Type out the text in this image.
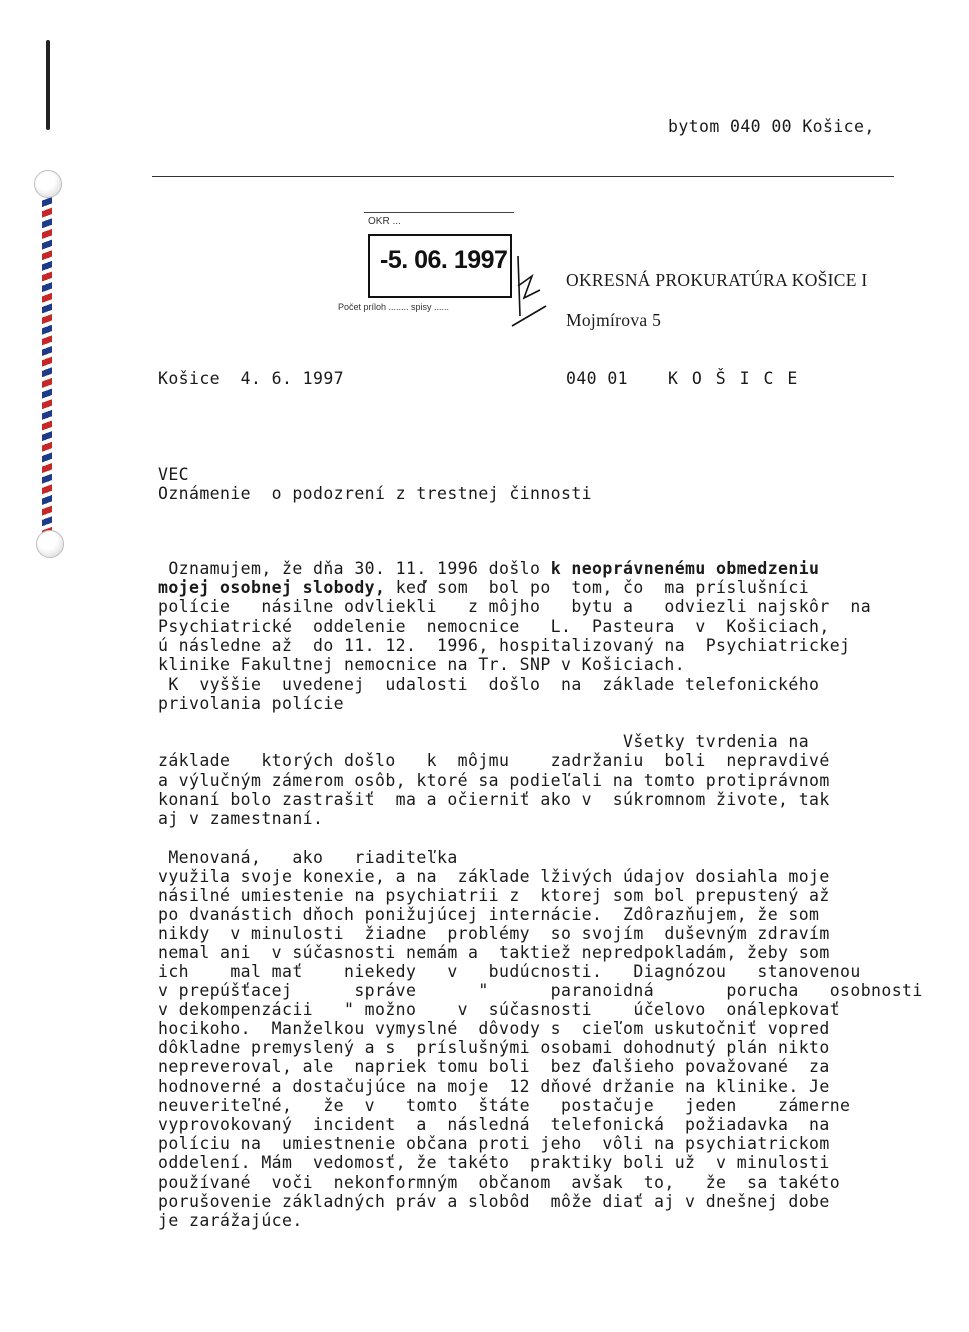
bytom 040 00 Košice,
OKR ...
-5. 06. 1997
Počet príloh ........ spisy ......
OKRESNÁ PROKURATÚRA KOŠICE I
Mojmírova 5
040 01 K O Š I C E
Košice  4. 6. 1997
VEC
Oznámenie  o podozrení z trestnej činnosti
Oznamujem, že dňa 30. 11. 1996 došlo k neoprávnenému obmedzeniu
mojej osobnej slobody, keď som  bol po  tom, čo  ma príslušníci
polície   násilne odvliekli   z môjho   bytu a   odviezli najskôr  na
Psychiatrické  oddelenie  nemocnice   L.  Pasteura  v  Košiciach,
ú následne až  do 11. 12.  1996, hospitalizovaný na  Psychiatrickej
klinike Fakultnej nemocnice na Tr. SNP v Košiciach.
K  vyššie  uvedenej  udalosti  došlo  na  základe telefonického
privolania polície
Všetky tvrdenia na
základe   ktorých došlo   k  môjmu    zadržaniu  boli  nepravdivé
a výlučným zámerom osôb, ktoré sa podieľali na tomto protiprávnom
konaní bolo zastrašiť  ma a očierniť ako v  súkromnom živote, tak
aj v zamestnaní.
Menovaná,   ako   riaditeľka
využila svoje konexie, a na  základe lživých údajov dosiahla moje
násilné umiestenie na psychiatrii z  ktorej som bol prepustený až
po dvanástich dňoch ponižujúcej internácie.  Zdôrazňujem, že som
nikdy  v minulosti  žiadne  problémy  so svojím  duševným zdravím
nemal ani  v súčasnosti nemám a  taktiež nepredpokladám, žeby som
ich    mal mať    niekedy   v   budúcnosti.   Diagnózou   stanovenou
v prepúšťacej      správe      "      paranoidná       porucha   osobnosti
v dekompenzácii   " možno    v  súčasnosti    účelovo  onálepkovať
hocikoho.  Manželkou vymyslné  dôvody s  cieľom uskutočniť vopred
dôkladne premyslený a s  príslušnými osobami dohodnutý plán nikto
nepreveroval, ale  napriek tomu boli  bez ďalšieho považované  za
hodnoverné a dostačujúce na moje  12 dňové držanie na klinike. Je
neuveriteľné,   že  v   tomto  štáte   postačuje   jeden    zámerne
vyprovokovaný  incident  a  následná  telefonická  požiadavka  na
políciu na  umiestnenie občana proti jeho  vôli na psychiatrickom
oddelení. Mám  vedomosť, že takéto  praktiky boli už  v minulosti
používané  voči  nekonformným  občanom  avšak  to,   že  sa takéto
porušovenie základných práv a slobôd  môže diať aj v dnešnej dobe
je zarážajúce.
